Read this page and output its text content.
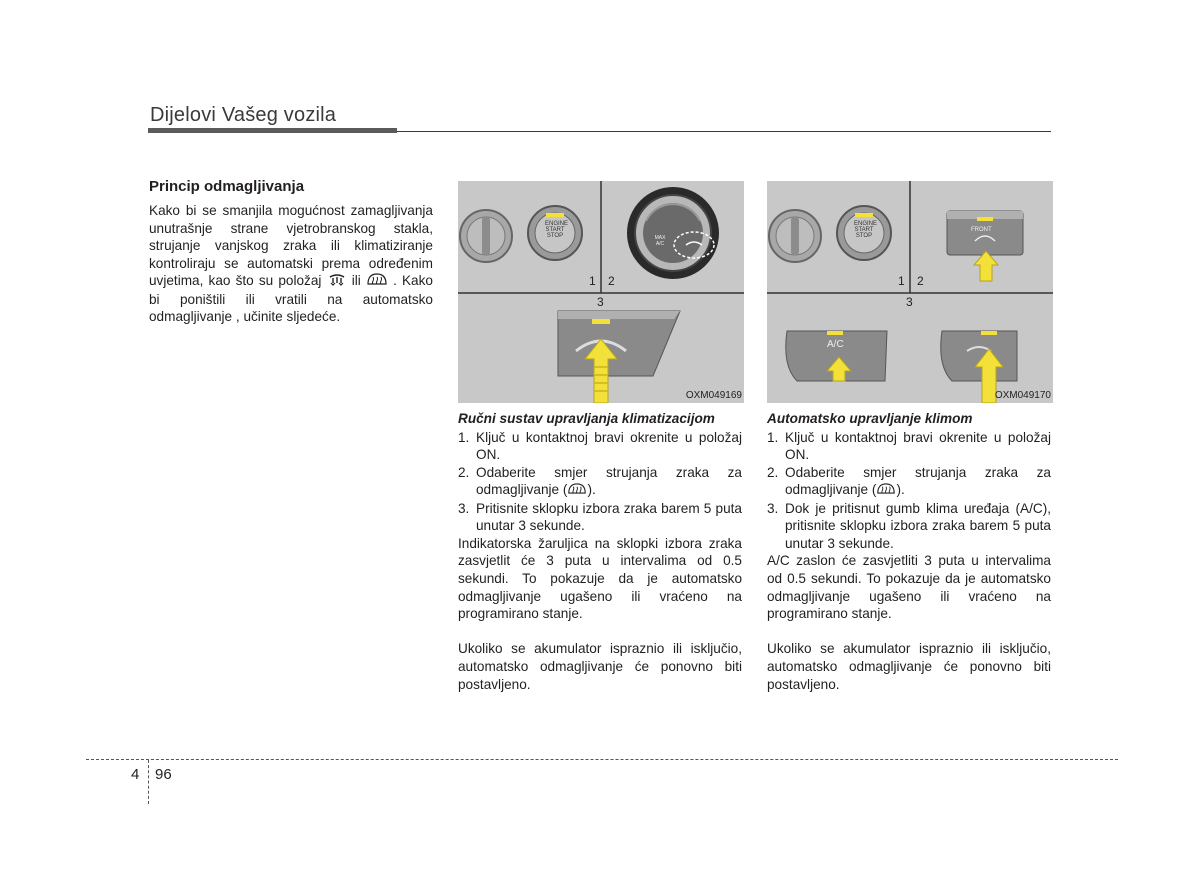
Dijelovi Vašeg vozila
Princip odmagljivanja
Kako bi se smanjila mogućnost zamagljivanja unutrašnje strane vjetrobranskog stakla, strujanje vanjskog zraka ili klimatiziranje kontroliraju se automatski prema određenim uvjetima, kao što su položaj ili . Kako bi poništili ili vratili na automatsko odmagljivanje , učinite sljedeće.
ENGINE
START
STOP	MAX A/C
1 2
3
OXM049169
ENGINE
START
STOP
FRONT
A/C
1 2
3
OXM049170
Ručni sustav upravljanja klimatizacijom
1. Ključ u kontaktnoj bravi okrenite u položaj ON.
2. Odaberite smjer strujanja zraka za odmagljivanje ( ).
3. Pritisnite sklopku izbora zraka barem 5 puta unutar 3 sekunde.
Indikatorska žaruljica na sklopki izbora zraka zasvjetlit će 3 puta u intervalima od 0.5 sekundi. To pokazuje da je automatsko odmagljivanje ugašeno ili vraćeno na programirano stanje.
Ukoliko se akumulator ispraznio ili isključio, automatsko odmagljivanje će ponovno biti postavljeno.
Automatsko upravljanje klimom
1. Ključ u kontaktnoj bravi okrenite u položaj ON.
2. Odaberite smjer strujanja zraka za odmagljivanje ( ).
3. Dok je pritisnut gumb klima uređaja (A/C), pritisnite sklopku izbora zraka barem 5 puta unutar 3 sekunde.
A/C zaslon će zasvjetliti 3 puta u intervalima od 0.5 sekundi. To pokazuje da je automatsko odmagljivanje ugašeno ili vraćeno na programirano stanje.
Ukoliko se akumulator ispraznio ili isključio, automatsko odmagljivanje će ponovno biti postavljeno.
4 96
